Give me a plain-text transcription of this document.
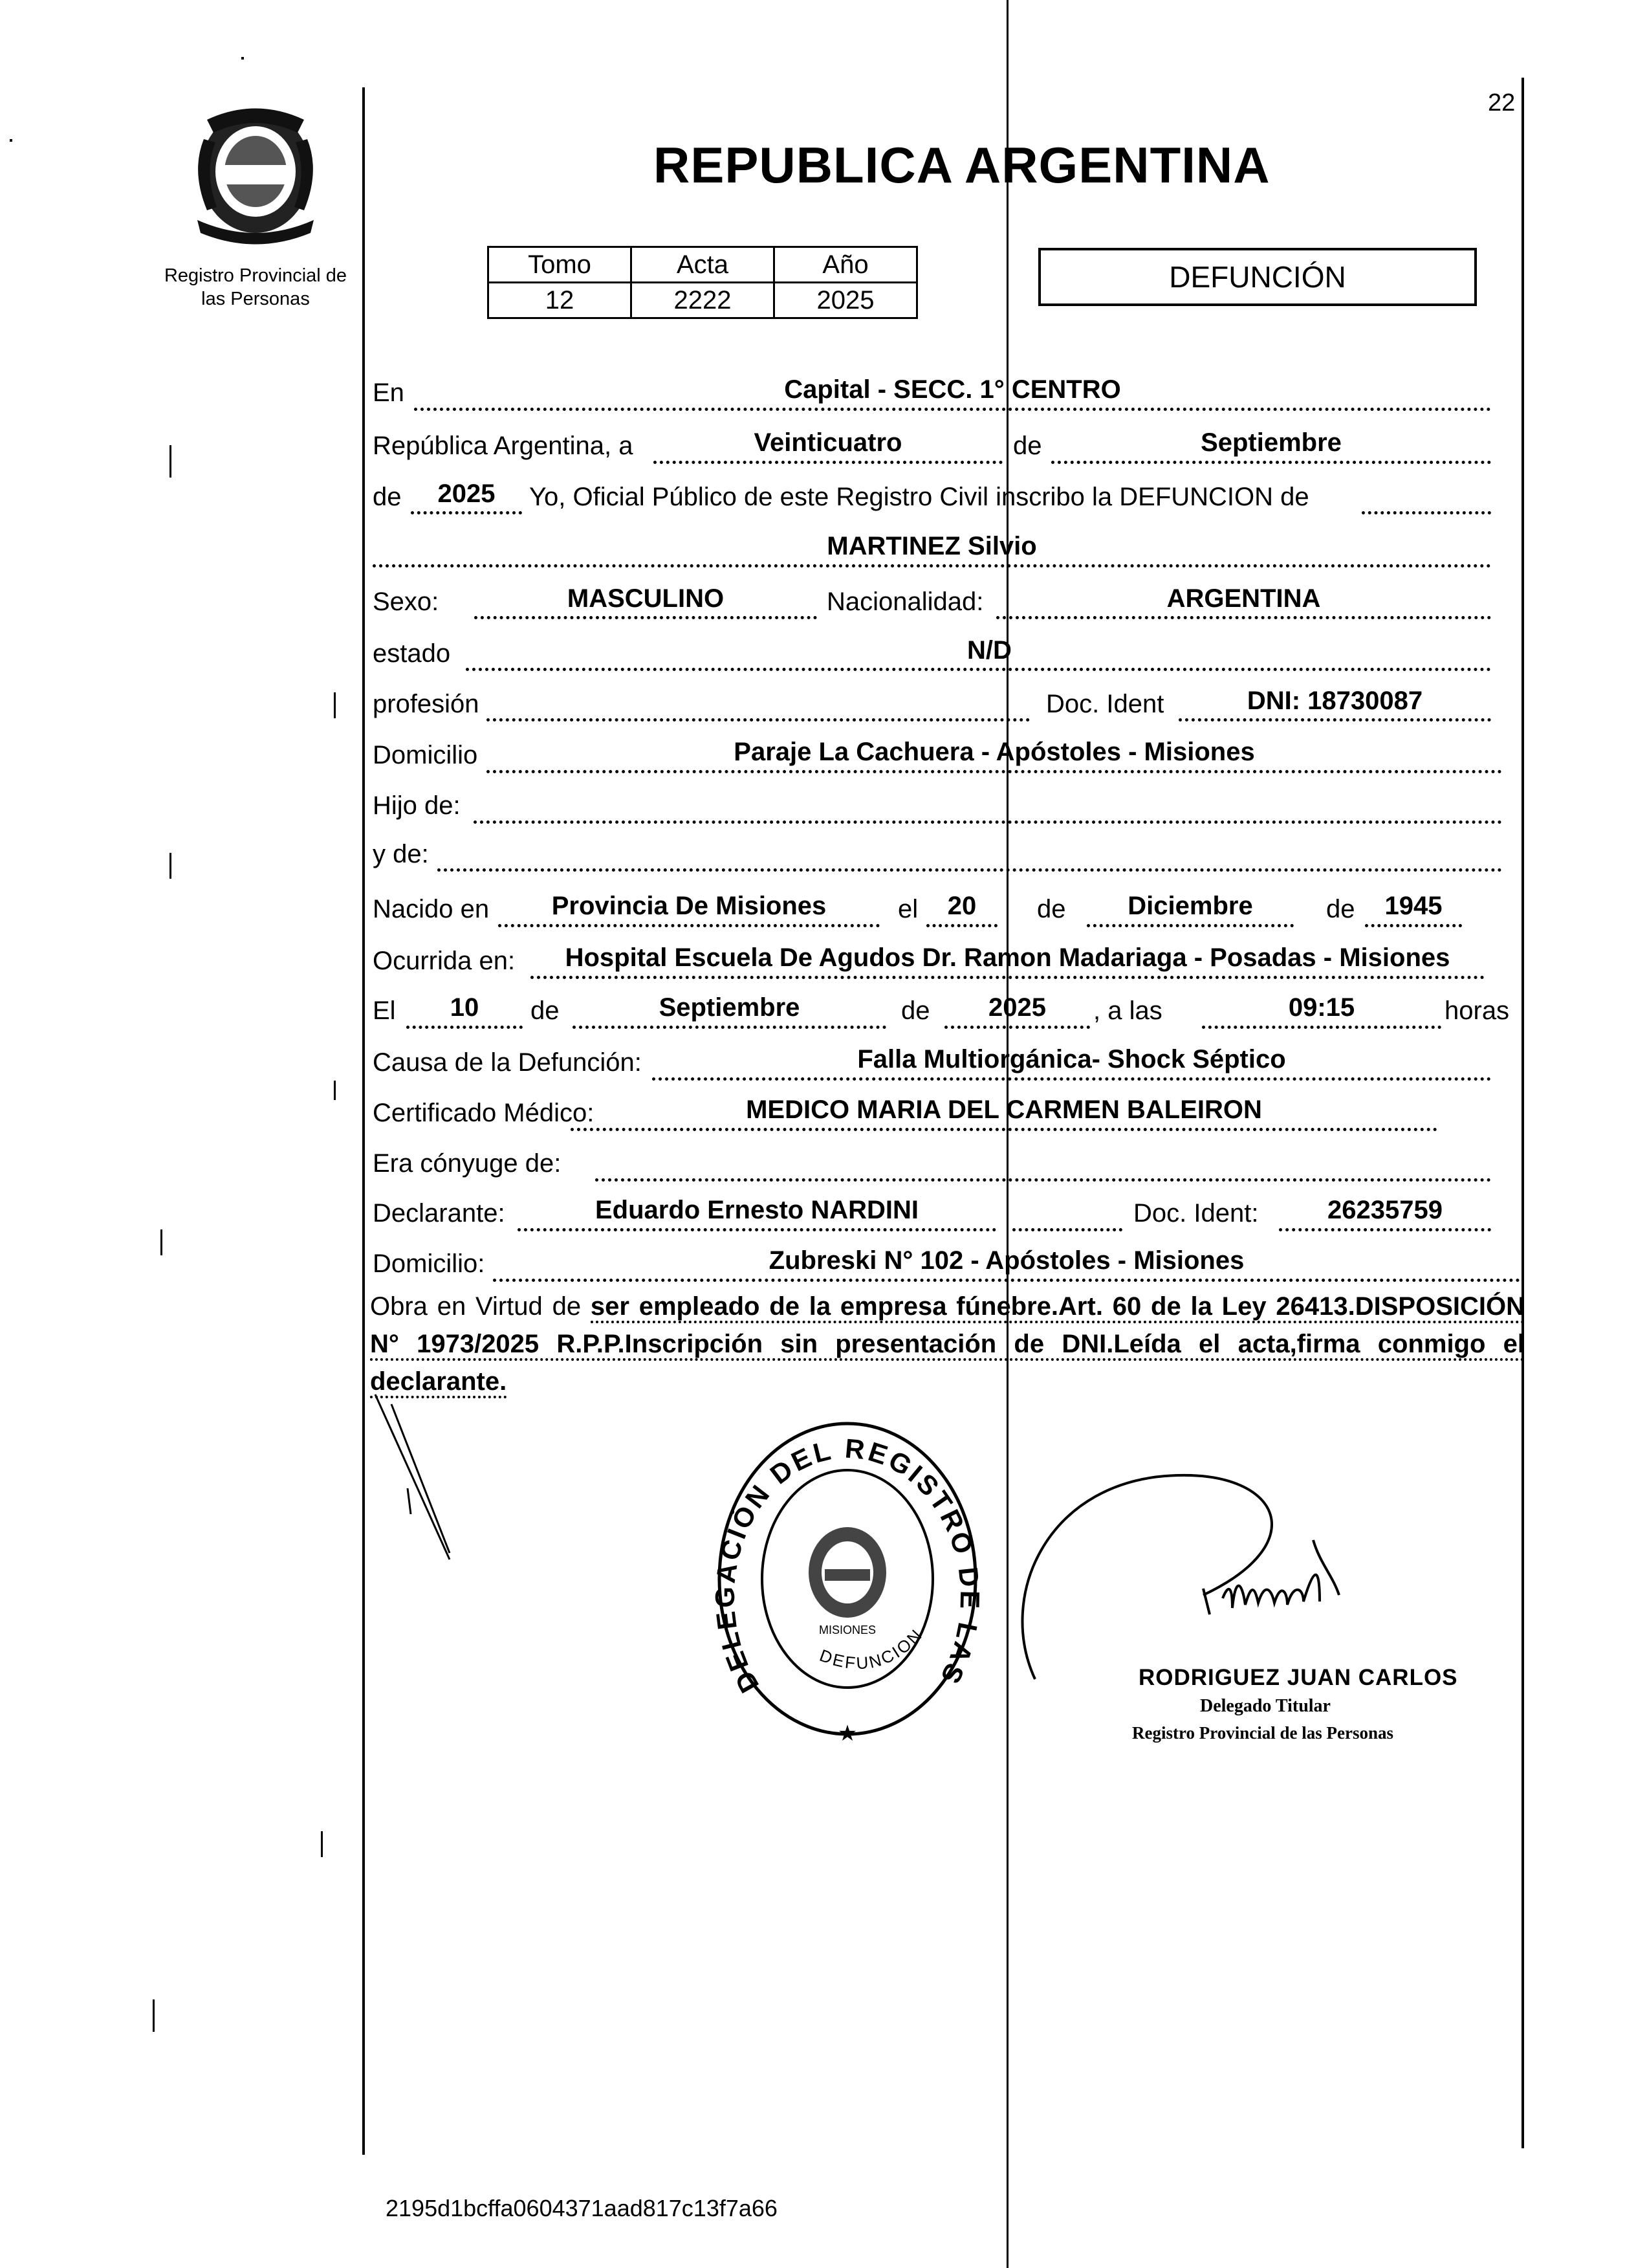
22
Registro Provincial de
las Personas
REPUBLICA ARGENTINA
Tomo	Acta	Año
12	2222	2025
DEFUNCIÓN
En	Capital - SECC. 1° CENTRO
República Argentina, a	Veinticuatro	de	Septiembre
de	2025	Yo, Oficial Público de este Registro Civil inscribo la DEFUNCION de
MARTINEZ Silvio
Sexo:	MASCULINO	Nacionalidad:	ARGENTINA
estado	N/D
profesión	Doc. Ident	DNI: 18730087
Domicilio	Paraje La Cachuera - Apóstoles - Misiones
Hijo de:
y de:
Nacido en	Provincia De Misiones	el	20	de	Diciembre	de	1945
Ocurrida en:	Hospital Escuela De Agudos Dr. Ramon Madariaga - Posadas - Misiones
El	10	de	Septiembre	de	2025	, a las	09:15	horas
Causa de la Defunción:	Falla Multiorgánica- Shock Séptico
Certificado Médico:	MEDICO MARIA DEL CARMEN BALEIRON
Era cónyuge de:
Declarante:	Eduardo Ernesto NARDINI	Doc. Ident:	26235759
Domicilio:	Zubreski N° 102 - Apóstoles - Misiones
Obra en Virtud de ser empleado de la empresa fúnebre.Art. 60 de la Ley 26413.DISPOSICIÓN N° 1973/2025 R.P.P.Inscripción sin presentación de DNI.Leída el acta,firma conmigo el declarante.
DELEGACIÓN DEL REGISTRO DE LAS
DEFUNCION
MISIONES
★
RODRIGUEZ JUAN CARLOS
Delegado Titular
Registro Provincial de las Personas
2195d1bcffa0604371aad817c13f7a66
